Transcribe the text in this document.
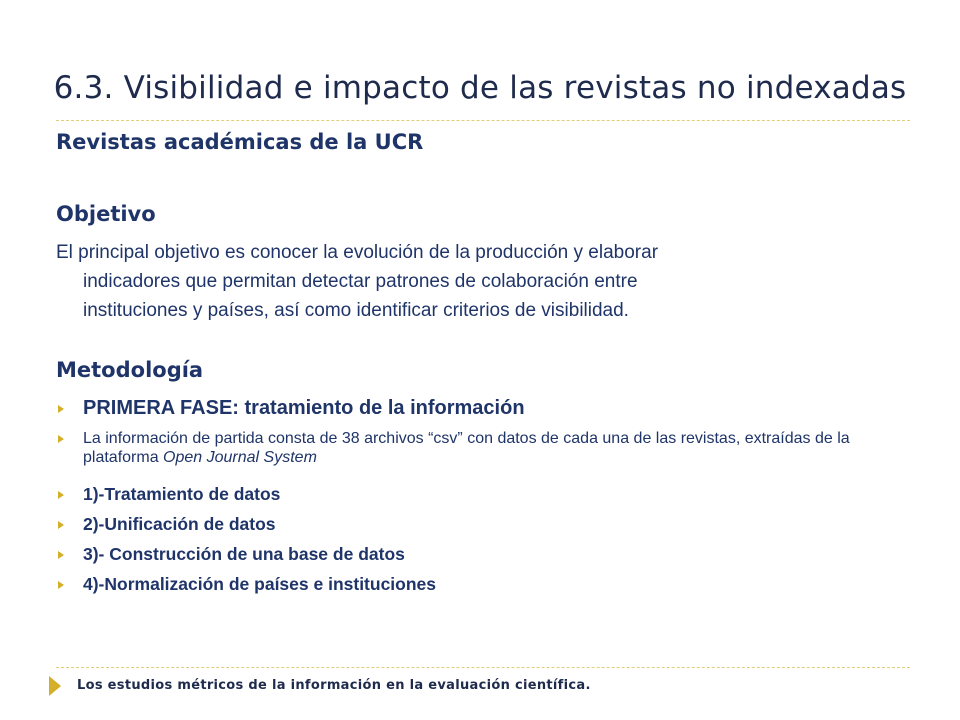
6.3. Visibilidad e impacto de las revistas no indexadas
Revistas académicas de la UCR
Objetivo
El principal objetivo es conocer la evolución de la producción y elaborar
indicadores que permitan detectar patrones de colaboración entre
instituciones y países, así como identificar criterios de visibilidad.
Metodología
PRIMERA FASE: tratamiento de la información
La información de partida consta de 38 archivos “csv” con datos de cada una de las revistas, extraídas de la plataforma Open Journal System
1)-Tratamiento de datos
2)-Unificación de datos
3)- Construcción de una base de datos
4)-Normalización de países e instituciones
Los estudios métricos de la información en la evaluación científica.
